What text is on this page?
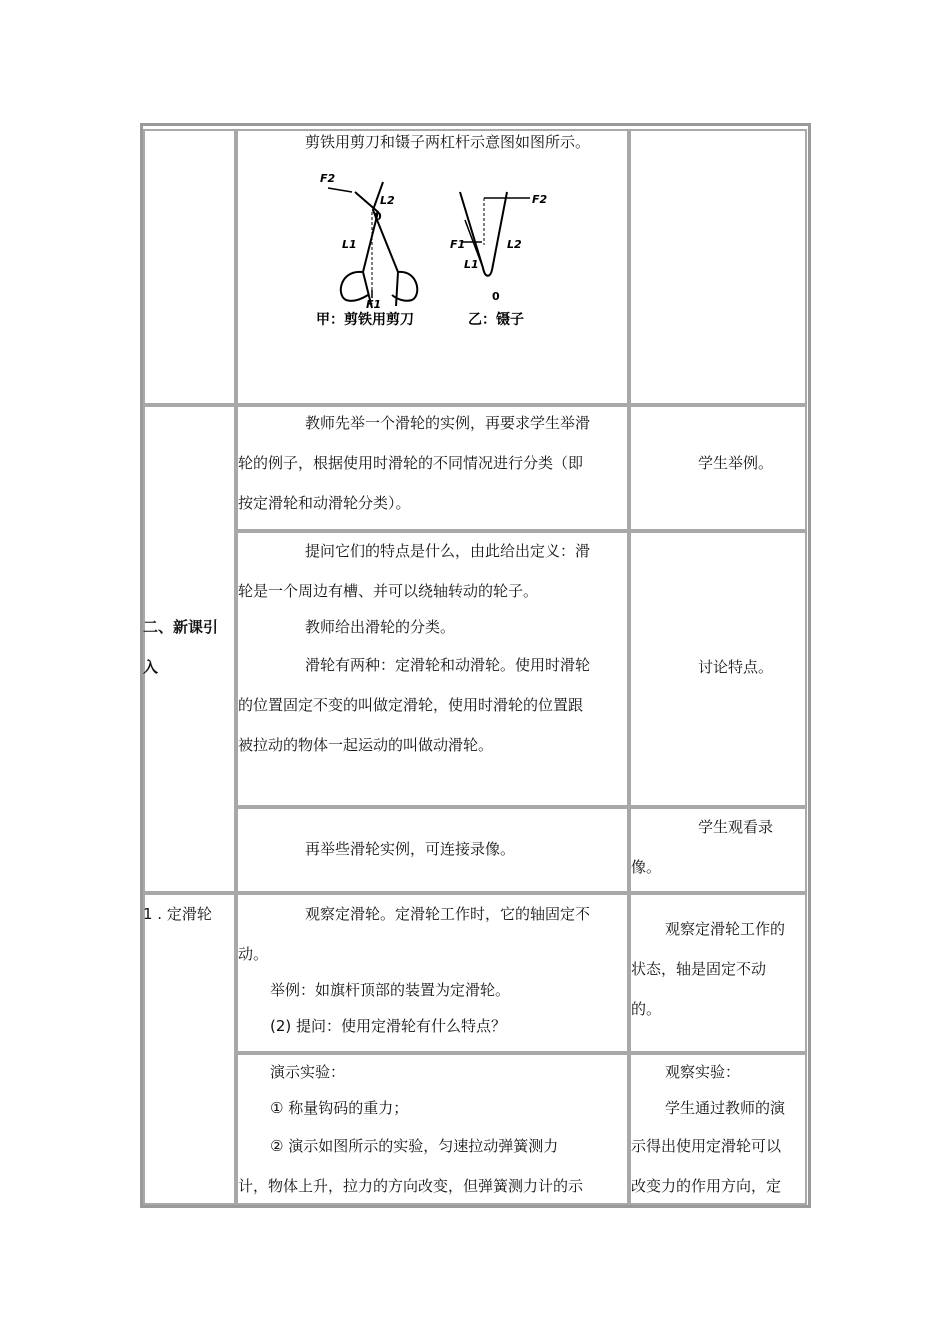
剪铁用剪刀和镊子两杠杆示意图如图所示。
F2
L2
0
L1
F1
甲：剪铁用剪刀
F2
F1	L2
L1
0
乙：镊子
二、新课引
入
教师先举一个滑轮的实例，再要求学生举滑
轮的例子，根据使用时滑轮的不同情况进行分类（即
按定滑轮和动滑轮分类）。
学生举例。
提问它们的特点是什么，由此给出定义：滑
轮是一个周边有槽、并可以绕轴转动的轮子。
教师给出滑轮的分类。
滑轮有两种：定滑轮和动滑轮。使用时滑轮
的位置固定不变的叫做定滑轮，使用时滑轮的位置跟
被拉动的物体一起运动的叫做动滑轮。
讨论特点。
再举些滑轮实例，可连接录像。
学生观看录
像。
1 . 定滑轮	观察定滑轮。定滑轮工作时，它的轴固定不
动。
举例：如旗杆顶部的装置为定滑轮。
(2) 提问：使用定滑轮有什么特点？
观察定滑轮工作的
状态，轴是固定不动
的。
演示实验：
① 称量钩码的重力；
② 演示如图所示的实验，匀速拉动弹簧测力
计，物体上升，拉力的方向改变，但弹簧测力计的示
观察实验：
学生通过教师的演
示得出使用定滑轮可以
改变力的作用方向，定
